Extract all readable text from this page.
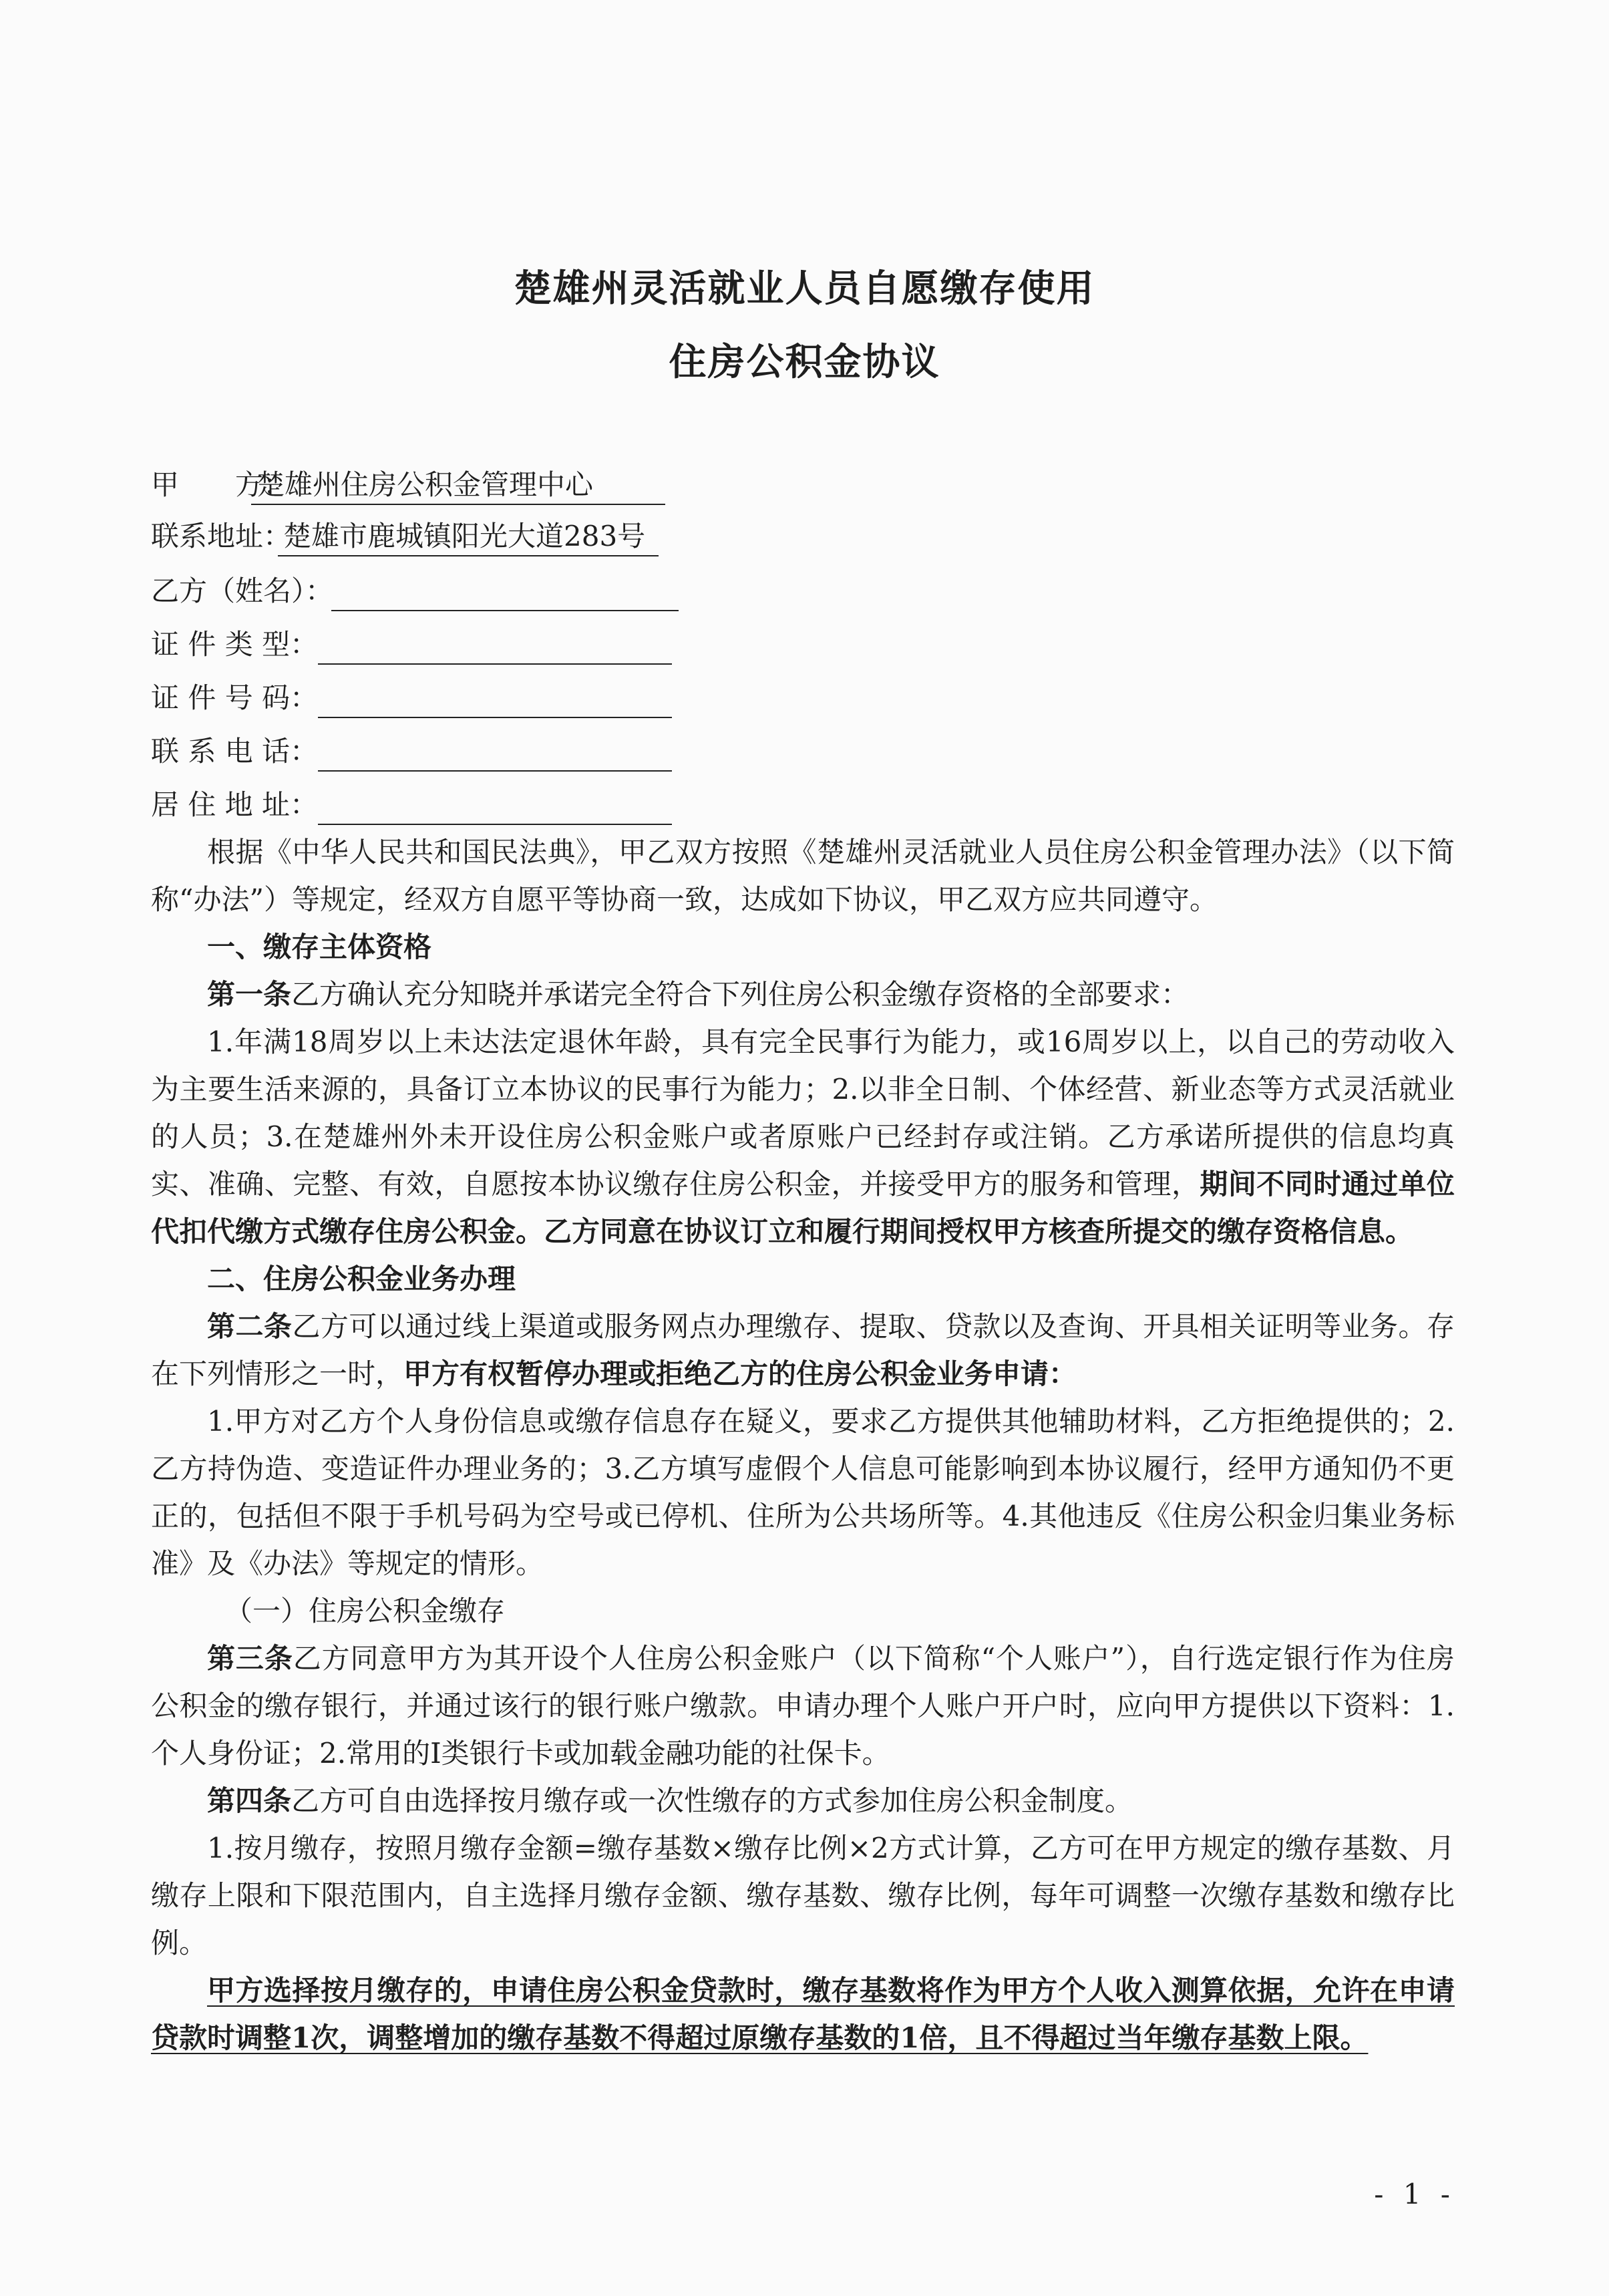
楚雄州灵活就业人员自愿缴存使用
住房公积金协议
甲　　方：
楚雄州住房公积金管理中心
联系地址：
楚雄市鹿城镇阳光大道283号
乙方（姓名）：
证 件 类 型：
证 件 号 码：
联 系 电 话：
居 住 地 址：

根据《中华人民共和国民法典》，甲乙双方按照《楚雄州灵活就业人员住房公积金管理办法》（以下简称“办法”）等规定，经双方自愿平等协商一致，达成如下协议，甲乙双方应共同遵守。

一、缴存主体资格

第一条乙方确认充分知晓并承诺完全符合下列住房公积金缴存资格的全部要求：

1.年满18周岁以上未达法定退休年龄，具有完全民事行为能力，或16周岁以上，以自己的劳动收入为主要生活来源的，具备订立本协议的民事行为能力；2.以非全日制、个体经营、新业态等方式灵活就业的人员；3.在楚雄州外未开设住房公积金账户或者原账户已经封存或注销。乙方承诺所提供的信息均真实、准确、完整、有效，自愿按本协议缴存住房公积金，并接受甲方的服务和管理，期间不同时通过单位代扣代缴方式缴存住房公积金。乙方同意在协议订立和履行期间授权甲方核查所提交的缴存资格信息。

二、住房公积金业务办理

第二条乙方可以通过线上渠道或服务网点办理缴存、提取、贷款以及查询、开具相关证明等业务。存在下列情形之一时，甲方有权暂停办理或拒绝乙方的住房公积金业务申请：

1.甲方对乙方个人身份信息或缴存信息存在疑义，要求乙方提供其他辅助材料，乙方拒绝提供的；2.乙方持伪造、变造证件办理业务的；3.乙方填写虚假个人信息可能影响到本协议履行，经甲方通知仍不更正的，包括但不限于手机号码为空号或已停机、住所为公共场所等。4.其他违反《住房公积金归集业务标准》及《办法》等规定的情形。

（一）住房公积金缴存

第三条乙方同意甲方为其开设个人住房公积金账户（以下简称“个人账户”），自行选定银行作为住房公积金的缴存银行，并通过该行的银行账户缴款。申请办理个人账户开户时，应向甲方提供以下资料：1.个人身份证；2.常用的I类银行卡或加载金融功能的社保卡。

第四条乙方可自由选择按月缴存或一次性缴存的方式参加住房公积金制度。

1.按月缴存，按照月缴存金额=缴存基数×缴存比例×2方式计算，乙方可在甲方规定的缴存基数、月缴存上限和下限范围内，自主选择月缴存金额、缴存基数、缴存比例，每年可调整一次缴存基数和缴存比例。

甲方选择按月缴存的，申请住房公积金贷款时，缴存基数将作为甲方个人收入测算依据，允许在申请贷款时调整1次，调整增加的缴存基数不得超过原缴存基数的1倍，且不得超过当年缴存基数上限。

- 1 -
